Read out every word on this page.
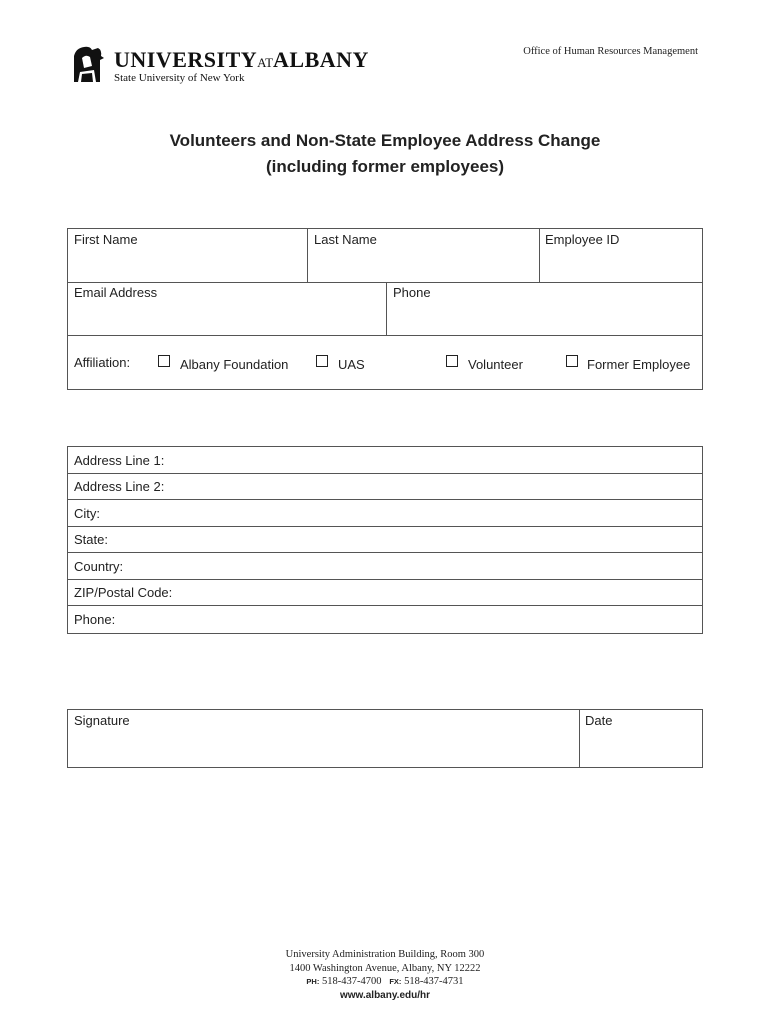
UNIVERSITYATALBANY
State University of New York
Office of Human Resources Management
Volunteers and Non-State Employee Address Change
(including former employees)
First Name	Last Name	Employee ID
Email Address	Phone
Affiliation:	Albany Foundation	UAS	Volunteer	Former Employee
Address Line 1:
Address Line 2:
City:
State:
Country:
ZIP/Postal Code:
Phone:
Signature	Date
University Administration Building, Room 300
1400 Washington Avenue, Albany, NY 12222
PH: 518-437-4700 FX: 518-437-4731
www.albany.edu/hr
